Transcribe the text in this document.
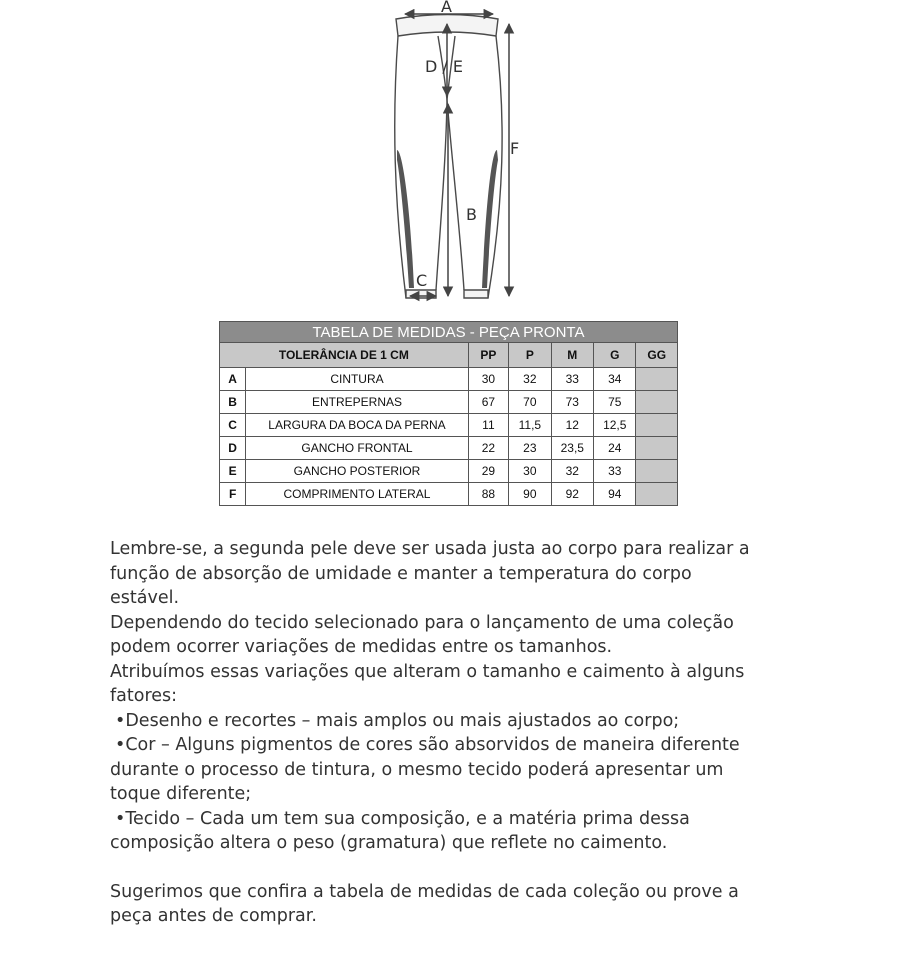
A
D / E
B
C
F
TABELA DE MEDIDAS - PEÇA PRONTA						
TOLERÂNCIA DE 1 CM		PP	P	M	G	GG
A	CINTURA	30	32	33	34	
B	ENTREPERNAS	67	70	73	75	
C	LARGURA DA BOCA DA PERNA	11	11,5	12	12,5	
D	GANCHO FRONTAL	22	23	23,5	24	
E	GANCHO POSTERIOR	29	30	32	33	
F	COMPRIMENTO LATERAL	88	90	92	94	

Lembre-se, a segunda pele deve ser usada justa ao corpo para realizar a

função de absorção de umidade e manter a temperatura do corpo

estável.

Dependendo do tecido selecionado para o lançamento de uma coleção

podem ocorrer variações de medidas entre os tamanhos.

Atribuímos essas variações que alteram o tamanho e caimento à alguns

fatores:

•Desenho e recortes – mais amplos ou mais ajustados ao corpo;

•Cor – Alguns pigmentos de cores são absorvidos de maneira diferente

durante o processo de tintura, o mesmo tecido poderá apresentar um

toque diferente;

•Tecido – Cada um tem sua composição, e a matéria prima dessa

composição altera o peso (gramatura) que reflete no caimento.

Sugerimos que confira a tabela de medidas de cada coleção ou prove a

peça antes de comprar.
